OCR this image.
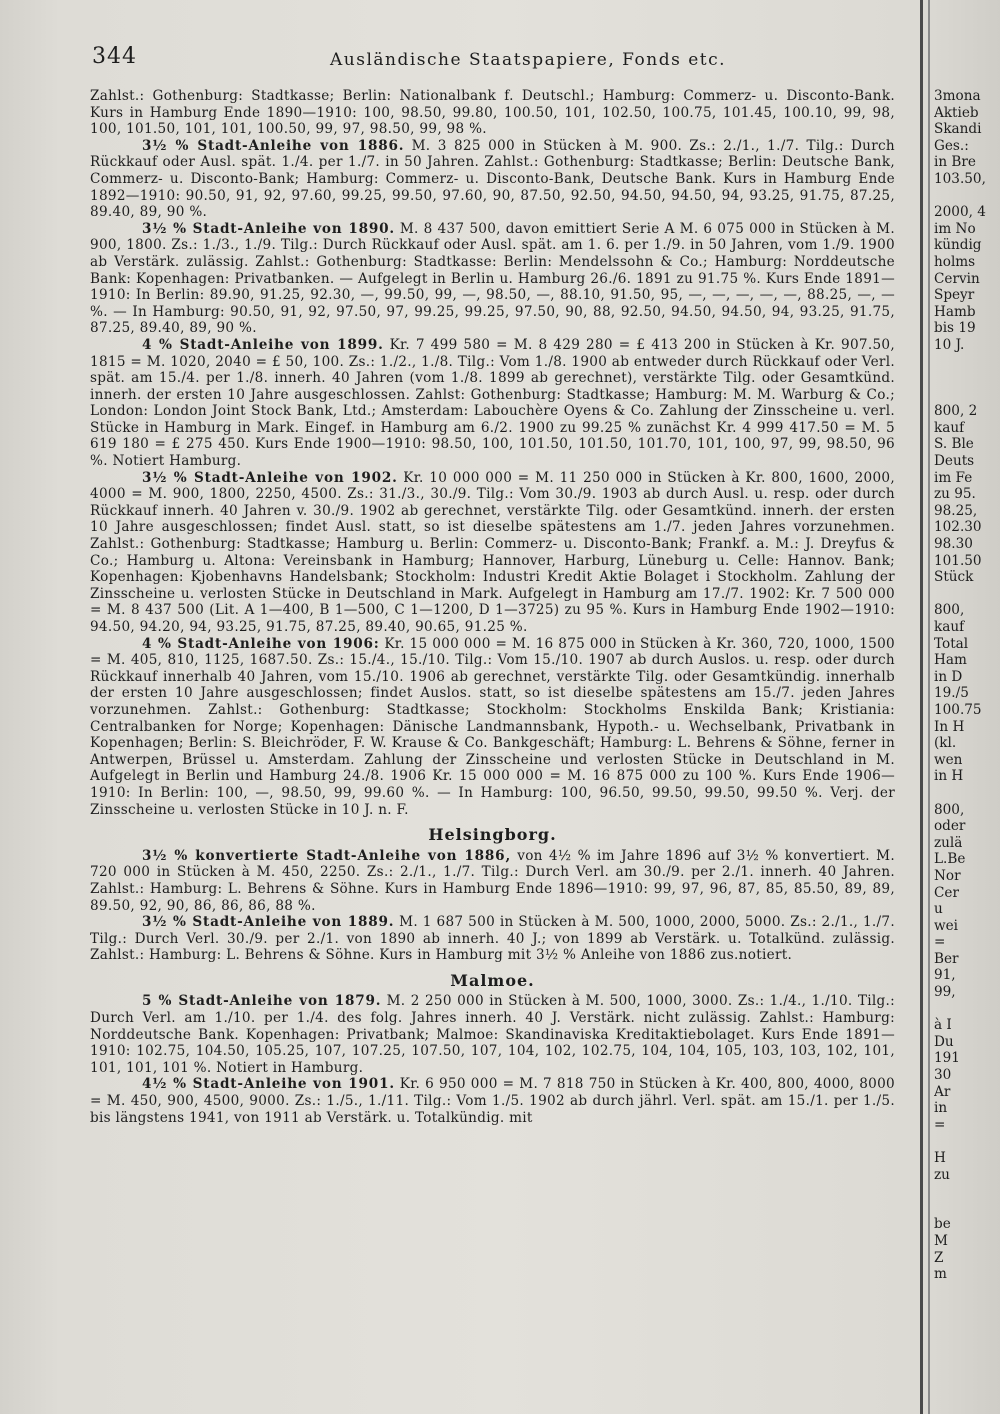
344	Ausländische Staatspapiere, Fonds etc.

Zahlst.: Gothenburg: Stadtkasse; Berlin: Nationalbank f. Deutschl.; Hamburg: Commerz- u. Disconto-Bank. Kurs in Hamburg Ende 1890—1910: 100, 98.50, 99.80, 100.50, 101, 102.50, 100.75, 101.45, 100.10, 99, 98, 100, 101.50, 101, 101, 100.50, 99, 97, 98.50, 99, 98 %.

3½ % Stadt-Anleihe von 1886. M. 3 825 000 in Stücken à M. 900. Zs.: 2./1., 1./7. Tilg.: Durch Rückkauf oder Ausl. spät. 1./4. per 1./7. in 50 Jahren. Zahlst.: Gothenburg: Stadtkasse; Berlin: Deutsche Bank, Commerz- u. Disconto-Bank; Hamburg: Commerz- u. Disconto-Bank, Deutsche Bank. Kurs in Hamburg Ende 1892—1910: 90.50, 91, 92, 97.60, 99.25, 99.50, 97.60, 90, 87.50, 92.50, 94.50, 94.50, 94, 93.25, 91.75, 87.25, 89.40, 89, 90 %.

3½ % Stadt-Anleihe von 1890. M. 8 437 500, davon emittiert Serie A M. 6 075 000 in Stücken à M. 900, 1800. Zs.: 1./3., 1./9. Tilg.: Durch Rückkauf oder Ausl. spät. am 1. 6. per 1./9. in 50 Jahren, vom 1./9. 1900 ab Verstärk. zulässig. Zahlst.: Gothenburg: Stadtkasse: Berlin: Mendelssohn & Co.; Hamburg: Norddeutsche Bank: Kopenhagen: Privatbanken. — Aufgelegt in Berlin u. Hamburg 26./6. 1891 zu 91.75 %. Kurs Ende 1891—1910: In Berlin: 89.90, 91.25, 92.30, —, 99.50, 99, —, 98.50, —, 88.10, 91.50, 95, —, —, —, —, —, 88.25, —, — %. — In Hamburg: 90.50, 91, 92, 97.50, 97, 99.25, 99.25, 97.50, 90, 88, 92.50, 94.50, 94.50, 94, 93.25, 91.75, 87.25, 89.40, 89, 90 %.

4 % Stadt-Anleihe von 1899. Kr. 7 499 580 = M. 8 429 280 = £ 413 200 in Stücken à Kr. 907.50, 1815 = M. 1020, 2040 = £ 50, 100. Zs.: 1./2., 1./8. Tilg.: Vom 1./8. 1900 ab entweder durch Rückkauf oder Verl. spät. am 15./4. per 1./8. innerh. 40 Jahren (vom 1./8. 1899 ab gerechnet), verstärkte Tilg. oder Gesamtkünd. innerh. der ersten 10 Jahre ausgeschlossen. Zahlst: Gothenburg: Stadtkasse; Hamburg: M. M. Warburg & Co.; London: London Joint Stock Bank, Ltd.; Amsterdam: Labouchère Oyens & Co. Zahlung der Zinsscheine u. verl. Stücke in Hamburg in Mark. Eingef. in Hamburg am 6./2. 1900 zu 99.25 % zunächst Kr. 4 999 417.50 = M. 5 619 180 = £ 275 450. Kurs Ende 1900—1910: 98.50, 100, 101.50, 101.50, 101.70, 101, 100, 97, 99, 98.50, 96 %. Notiert Hamburg.

3½ % Stadt-Anleihe von 1902. Kr. 10 000 000 = M. 11 250 000 in Stücken à Kr. 800, 1600, 2000, 4000 = M. 900, 1800, 2250, 4500. Zs.: 31./3., 30./9. Tilg.: Vom 30./9. 1903 ab durch Ausl. u. resp. oder durch Rückkauf innerh. 40 Jahren v. 30./9. 1902 ab gerechnet, verstärkte Tilg. oder Gesamtkünd. innerh. der ersten 10 Jahre ausgeschlossen; findet Ausl. statt, so ist dieselbe spätestens am 1./7. jeden Jahres vorzunehmen. Zahlst.: Gothenburg: Stadtkasse; Hamburg u. Berlin: Commerz- u. Disconto-Bank; Frankf. a. M.: J. Dreyfus & Co.; Hamburg u. Altona: Vereinsbank in Hamburg; Hannover, Harburg, Lüneburg u. Celle: Hannov. Bank; Kopenhagen: Kjobenhavns Handelsbank; Stockholm: Industri Kredit Aktie Bolaget i Stockholm. Zahlung der Zinsscheine u. verlosten Stücke in Deutschland in Mark. Aufgelegt in Hamburg am 17./7. 1902: Kr. 7 500 000 = M. 8 437 500 (Lit. A 1—400, B 1—500, C 1—1200, D 1—3725) zu 95 %. Kurs in Hamburg Ende 1902—1910: 94.50, 94.20, 94, 93.25, 91.75, 87.25, 89.40, 90.65, 91.25 %.

4 % Stadt-Anleihe von 1906: Kr. 15 000 000 = M. 16 875 000 in Stücken à Kr. 360, 720, 1000, 1500 = M. 405, 810, 1125, 1687.50. Zs.: 15./4., 15./10. Tilg.: Vom 15./10. 1907 ab durch Auslos. u. resp. oder durch Rückkauf innerhalb 40 Jahren, vom 15./10. 1906 ab gerechnet, verstärkte Tilg. oder Gesamtkündig. innerhalb der ersten 10 Jahre ausgeschlossen; findet Auslos. statt, so ist dieselbe spätestens am 15./7. jeden Jahres vorzunehmen. Zahlst.: Gothenburg: Stadtkasse; Stockholm: Stockholms Enskilda Bank; Kristiania: Centralbanken for Norge; Kopenhagen: Dänische Landmannsbank, Hypoth.- u. Wechselbank, Privatbank in Kopenhagen; Berlin: S. Bleichröder, F. W. Krause & Co. Bankgeschäft; Hamburg: L. Behrens & Söhne, ferner in Antwerpen, Brüssel u. Amsterdam. Zahlung der Zinsscheine und verlosten Stücke in Deutschland in M. Aufgelegt in Berlin und Hamburg 24./8. 1906 Kr. 15 000 000 = M. 16 875 000 zu 100 %. Kurs Ende 1906—1910: In Berlin: 100, —, 98.50, 99, 99.60 %. — In Hamburg: 100, 96.50, 99.50, 99.50, 99.50 %. Verj. der Zinsscheine u. verlosten Stücke in 10 J. n. F.

Helsingborg.

3½ % konvertierte Stadt-Anleihe von 1886, von 4½ % im Jahre 1896 auf 3½ % konvertiert. M. 720 000 in Stücken à M. 450, 2250. Zs.: 2./1., 1./7. Tilg.: Durch Verl. am 30./9. per 2./1. innerh. 40 Jahren. Zahlst.: Hamburg: L. Behrens & Söhne. Kurs in Hamburg Ende 1896—1910: 99, 97, 96, 87, 85, 85.50, 89, 89, 89.50, 92, 90, 86, 86, 86, 88 %.

3½ % Stadt-Anleihe von 1889. M. 1 687 500 in Stücken à M. 500, 1000, 2000, 5000. Zs.: 2./1., 1./7. Tilg.: Durch Verl. 30./9. per 2./1. von 1890 ab innerh. 40 J.; von 1899 ab Verstärk. u. Totalkünd. zulässig. Zahlst.: Hamburg: L. Behrens & Söhne. Kurs in Hamburg mit 3½ % Anleihe von 1886 zus.notiert.

Malmoe.

5 % Stadt-Anleihe von 1879. M. 2 250 000 in Stücken à M. 500, 1000, 3000. Zs.: 1./4., 1./10. Tilg.: Durch Verl. am 1./10. per 1./4. des folg. Jahres innerh. 40 J. Verstärk. nicht zulässig. Zahlst.: Hamburg: Norddeutsche Bank. Kopenhagen: Privatbank; Malmoe: Skandinaviska Kreditaktiebolaget. Kurs Ende 1891—1910: 102.75, 104.50, 105.25, 107, 107.25, 107.50, 107, 104, 102, 102.75, 104, 104, 105, 103, 103, 102, 101, 101, 101, 101 %. Notiert in Hamburg.

4½ % Stadt-Anleihe von 1901. Kr. 6 950 000 = M. 7 818 750 in Stücken à Kr. 400, 800, 4000, 8000 = M. 450, 900, 4500, 9000. Zs.: 1./5., 1./11. Tilg.: Vom 1./5. 1902 ab durch jährl. Verl. spät. am 15./1. per 1./5. bis längstens 1941, von 1911 ab Verstärk. u. Totalkündig. mit

3mona
Aktieb
Skandi
Ges.:
in Bre
103.50,
2000, 4
im No
kündig
holms
Cervin
Speyr
Hamb
bis 19
10 J.
800, 2
kauf
S. Ble
Deuts
im Fe
zu 95.
98.25,
102.30
98.30
101.50
Stück
800,
kauf
Total
Ham
in D
19./5
100.75
In H
(kl.
wen
in H
800,
oder
zulä
L.Be
Nor
Cer
u
wei
=
Ber
91,
99,
à I
Du
191
30
Ar
in
=
H
zu
be
M
Z
m
